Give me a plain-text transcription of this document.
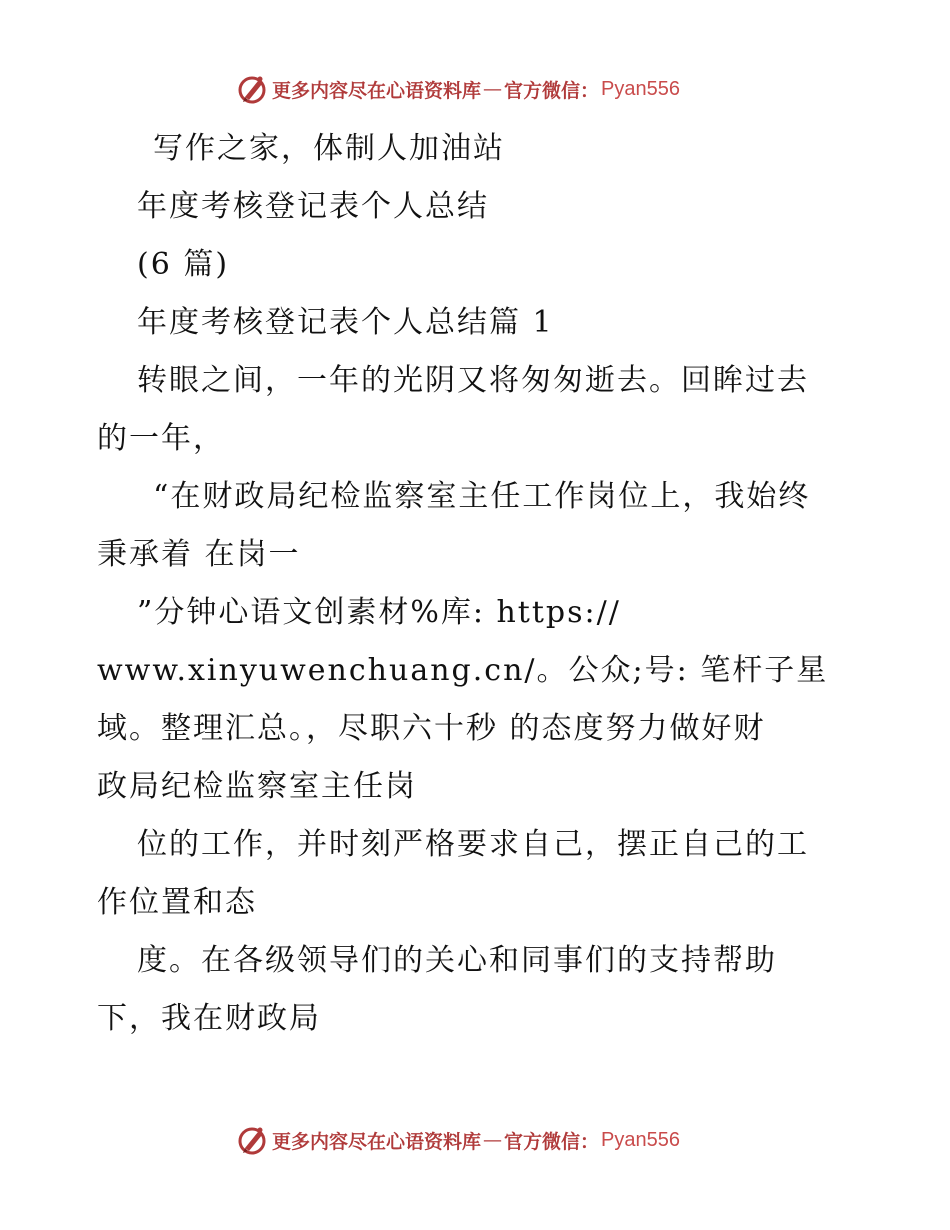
更多内容尽在心语资料库 — 官方微信： Pyan556
写作之家，体制人加油站
年度考核登记表个人总结
(6 篇)
年度考核登记表个人总结篇 1
转眼之间，一年的光阴又将匆匆逝去。回眸过去
的一年，
“在财政局纪检监察室主任工作岗位上，我始终
秉承着 在岗一
”分钟心语文创素材%库: https://
www.xinyuwenchuang.cn/。公众;号: 笔杆子星
域。整理汇总。，尽职六十秒 的态度努力做好财
政局纪检监察室主任岗
位的工作，并时刻严格要求自己，摆正自己的工
作位置和态
度。在各级领导们的关心和同事们的支持帮助
下，我在财政局
更多内容尽在心语资料库 — 官方微信： Pyan556
